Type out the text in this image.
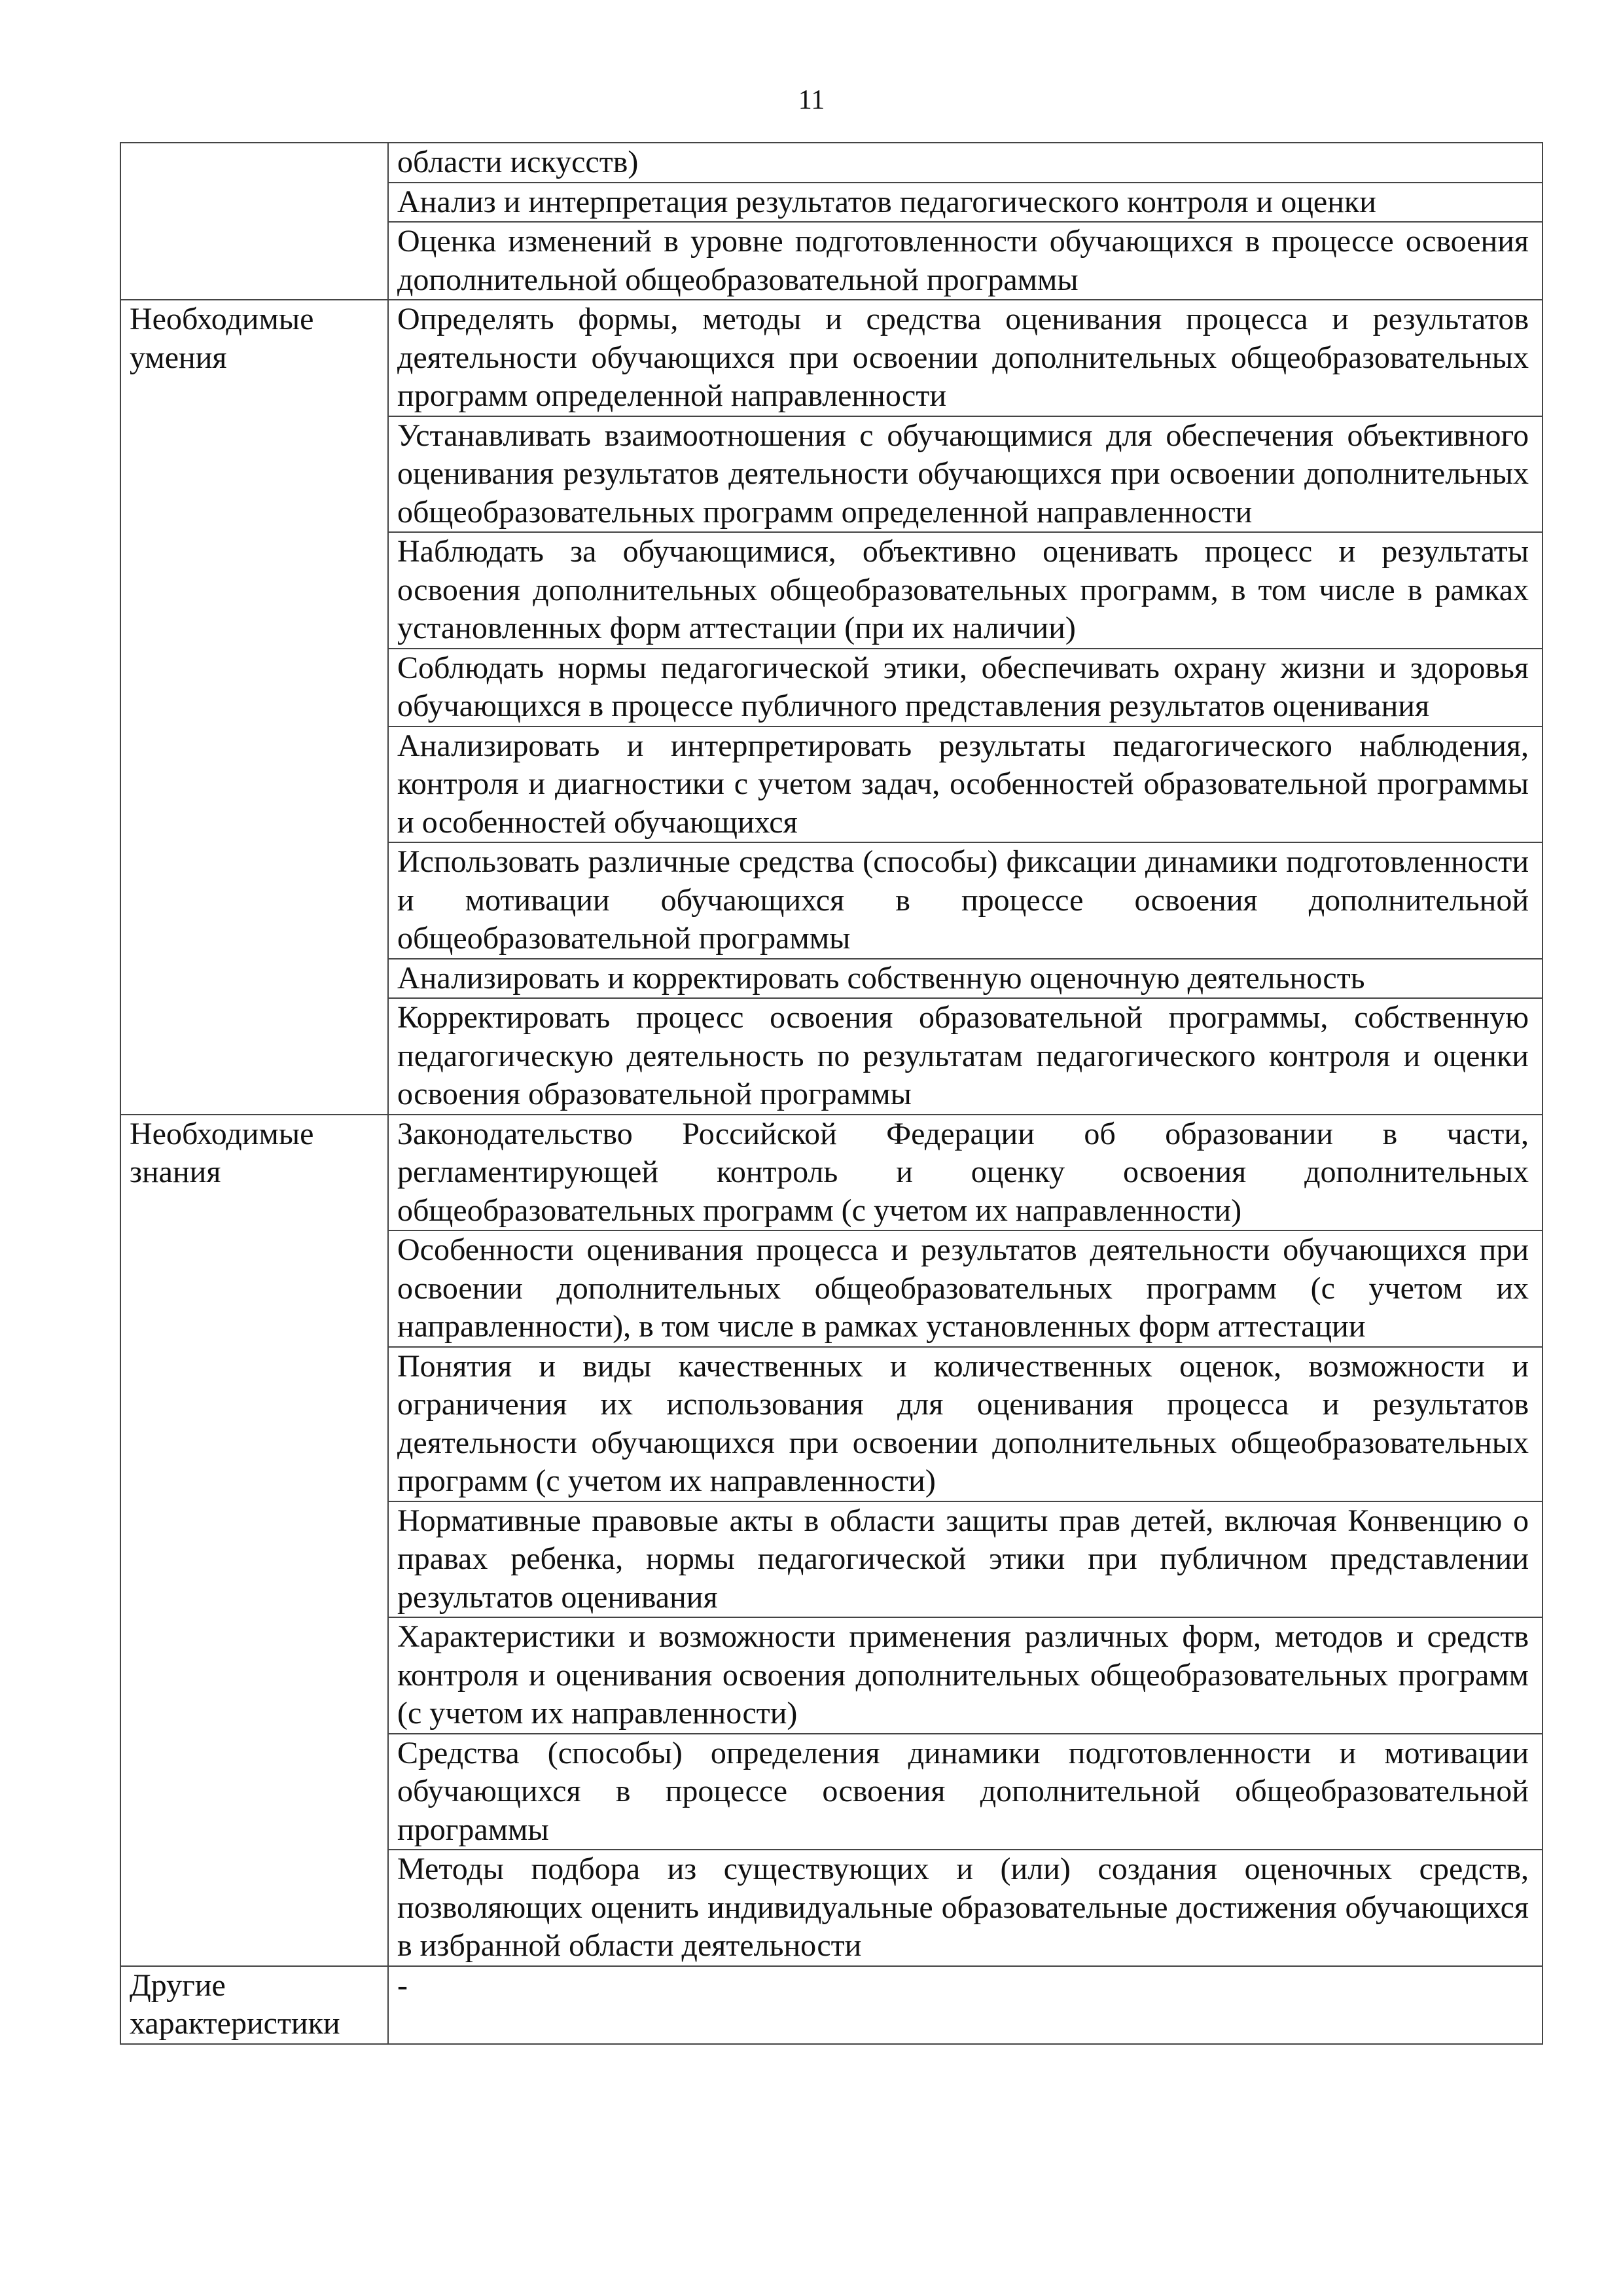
11
	области искусств)
	Анализ и интерпретация результатов педагогического контроля и оценки
	Оценка изменений в уровне подготовленности обучающихся в процессе освоения дополнительной общеобразовательной программы
Необходимые умения	Определять формы, методы и средства оценивания процесса и результатов деятельности обучающихся при освоении дополнительных общеобразовательных программ определенной направленности
	Устанавливать взаимоотношения с обучающимися для обеспечения объективного оценивания результатов деятельности обучающихся при освоении дополнительных общеобразовательных программ определенной направленности
	Наблюдать за обучающимися, объективно оценивать процесс и результаты освоения дополнительных общеобразовательных программ, в том числе в рамках установленных форм аттестации (при их наличии)
	Соблюдать нормы педагогической этики, обеспечивать охрану жизни и здоровья обучающихся в процессе публичного представления результатов оценивания
	Анализировать и интерпретировать результаты педагогического наблюдения, контроля и диагностики с учетом задач, особенностей образовательной программы и особенностей обучающихся
	Использовать различные средства (способы) фиксации динамики подготовленности и мотивации обучающихся в процессе освоения дополнительной общеобразовательной программы
	Анализировать и корректировать собственную оценочную деятельность
	Корректировать процесс освоения образовательной программы, собственную педагогическую деятельность по результатам педагогического контроля и оценки освоения образовательной программы
Необходимые знания	Законодательство Российской Федерации об образовании в части, регламентирующей контроль и оценку освоения дополнительных общеобразовательных программ (с учетом их направленности)
	Особенности оценивания процесса и результатов деятельности обучающихся при освоении дополнительных общеобразовательных программ (с учетом их направленности), в том числе в рамках установленных форм аттестации
	Понятия и виды качественных и количественных оценок, возможности и ограничения их использования для оценивания процесса и результатов деятельности обучающихся при освоении дополнительных общеобразовательных программ (с учетом их направленности)
	Нормативные правовые акты в области защиты прав детей, включая Конвенцию о правах ребенка, нормы педагогической этики при публичном представлении результатов оценивания
	Характеристики и возможности применения различных форм, методов и средств контроля и оценивания освоения дополнительных общеобразовательных программ (с учетом их направленности)
	Средства (способы) определения динамики подготовленности и мотивации обучающихся в процессе освоения дополнительной общеобразовательной программы
	Методы подбора из существующих и (или) создания оценочных средств, позволяющих оценить индивидуальные образовательные достижения обучающихся в избранной области деятельности
Другие характеристики	-
